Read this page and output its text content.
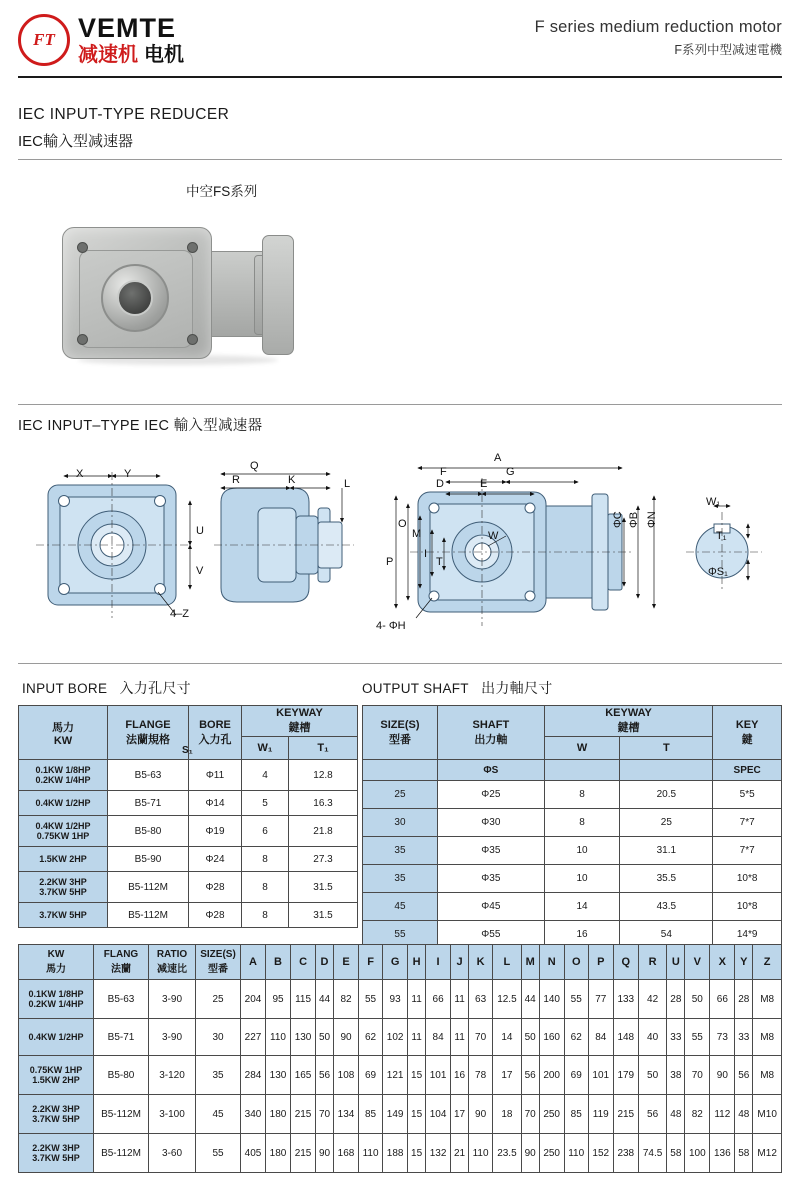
FT VEMTE
减速机 电机
F series medium reduction motor
F系列中型减速電機
IEC INPUT-TYPE REDUCER
IEC輸入型减速器
中空FS系列
IEC INPUT–TYPE IEC 輸入型减速器
X	Y
U
V
4–Z
Q
R	K	L
A
F	G
D	E
O
M
P
I
T
W
4- ΦH
ΦC ΦB ΦN
W₁
T₁
ΦS₁
INPUT BORE 入力孔尺寸	OUTPUT SHAFT 出力軸尺寸
馬力
KW

FLANGE
法蘭規格

BORE
入力孔

KEYWAY
鍵槽

			W₁	T₁

0.1KW 1/8HP
0.2KW 1/4HP	B5-63	Φ11	4	12.8
0.4KW 1/2HP	B5-71	Φ14	5	16.3

0.4KW 1/2HP
0.75KW 1HP	B5-80	Φ19	6	21.8
1.5KW 2HP	B5-90	Φ24	8	27.3

2.2KW 3HP
3.7KW 5HP	B5-112M	Φ28	8	31.5
3.7KW 5HP	B5-112M	Φ28	8	31.5
S₁
SIZE(S)
型番

SHAFT
出力軸

KEYWAY
鍵槽	KEY
鍵

		W	T	
	ΦS			SPEC
25	Φ25	8	20.5	5*5
30	Φ30	8	25	7*7
35	Φ35	10	31.1	7*7
35	Φ35	10	35.5	10*8
45	Φ45	14	43.5	10*8
55	Φ55	16	54	14*9
KW
馬力

FLANG
法蘭

RATIO
减速比

SIZE(S)
型番
	A	B	C	D	E	F	G	H	I	J	K	L	M	N	O	P	Q	R	U	V	X	Y	Z

0.1KW 1/8HP
0.2KW 1/4HP	B5-63	3-90	25	204	95	115	44	82	55	93	11	66	11	63	12.5	44	140	55	77	133	42	28	50	66	28	M8
0.4KW 1/2HP	B5-71	3-90	30	227	110	130	50	90	62	102	11	84	11	70	14	50	160	62	84	148	40	33	55	73	33	M8

0.75KW 1HP
1.5KW 2HP	B5-80	3-120	35	284	130	165	56	108	69	121	15	101	16	78	17	56	200	69	101	179	50	38	70	90	56	M8

2.2KW 3HP
3.7KW 5HP	B5-112M	3-100	45	340	180	215	70	134	85	149	15	104	17	90	18	70	250	85	119	215	56	48	82	112	48	M10

2.2KW 3HP
3.7KW 5HP	B5-112M	3-60	55	405	180	215	90	168	110	188	15	132	21	110	23.5	90	250	110	152	238	74.5	58	100	136	58	M12
